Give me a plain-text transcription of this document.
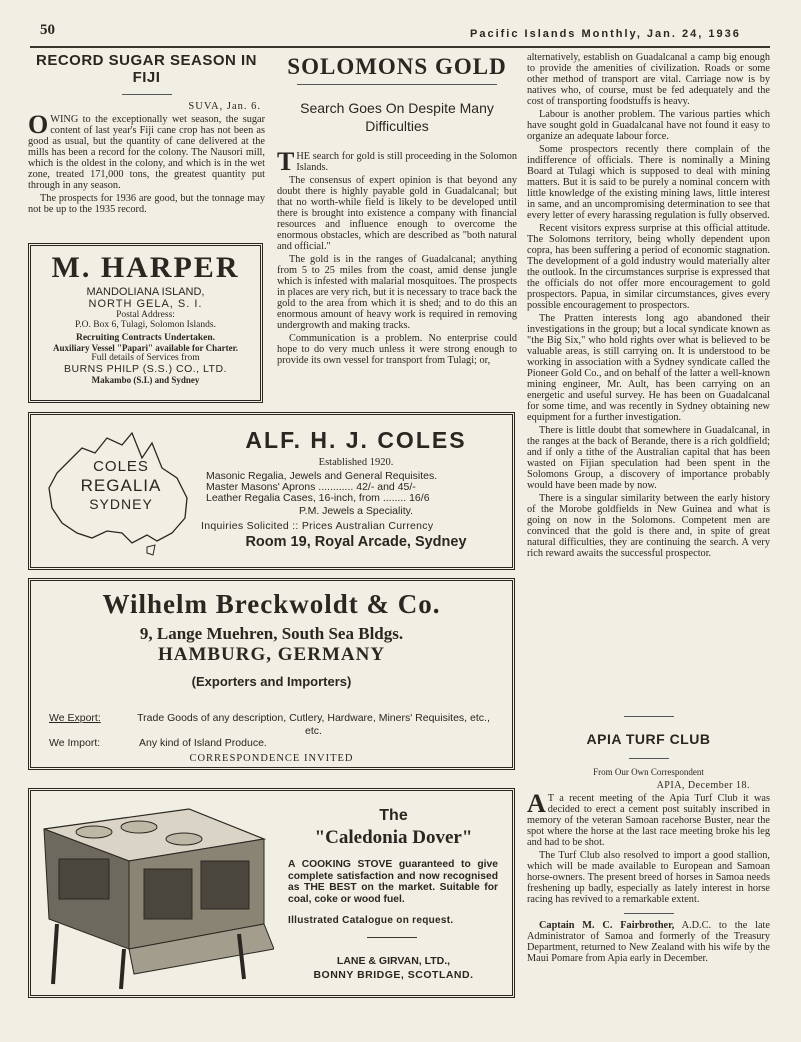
50	Pacific Islands Monthly, Jan. 24, 1936
RECORD SUGAR SEASON IN FIJI
SUVA, Jan. 6.

OWING to the exceptionally wet season, the sugar content of last year's Fiji cane crop has not been as good as usual, but the quantity of cane delivered at the mills has been a record for the colony. The Nausori mill, which is the oldest in the colony, and which is in the wet zone, treated 171,000 tons, the greatest quantity put through in any season.

The prospects for 1936 are good, but the tonnage may not be up to the 1935 record.

M. HARPER
MANDOLIANA ISLAND,
NORTH GELA, S. I.
Postal Address:
P.O. Box 6, Tulagi, Solomon Islands.
Recruiting Contracts Undertaken.
Auxiliary Vessel "Papari" available for Charter.
Full details of Services from
BURNS PHILP (S.S.) CO., LTD.
Makambo (S.I.) and Sydney
SOLOMONS GOLD
Search Goes On Despite Many Difficulties

THE search for gold is still proceeding in the Solomon Islands.

The consensus of expert opinion is that beyond any doubt there is highly payable gold in Guadalcanal; but that no worth-while field is likely to be developed until there is brought into existence a company with financial resources and influence enough to overcome the enormous obstacles, which are described as "both natural and official."

The gold is in the ranges of Guadalcanal; anything from 5 to 25 miles from the coast, amid dense jungle which is infested with malarial mosquitoes. The prospects in places are very rich, but it is necessary to trace back the gold to the area from which it is shed; and to do this an enormous amount of heavy work is required in removing undergrowth and making tracks.

Communication is a problem. No enterprise could hope to do very much unless it were strong enough to provide its own vessel for transport from Tulagi; or,

alternatively, establish on Guadalcanal a camp big enough to provide the amenities of civilization. Roads or some other method of transport are vital. Carriage now is by natives who, of course, must be fed adequately and the cost of transporting foodstuffs is heavy.

Labour is another problem. The various parties which have sought gold in Guadalcanal have not found it easy to organize an adequate labour force.

Some prospectors recently there complain of the indifference of officials. There is nominally a Mining Board at Tulagi which is supposed to deal with mining matters. But it is said to be purely a nominal concern with little knowledge of the existing mining laws, little interest in same, and an uncompromising determination to see that every letter of every harassing regulation is fully observed.

Recent visitors express surprise at this official attitude. The Solomons territory, being wholly dependent upon copra, has been suffering a period of economic stagnation. The development of a gold industry would materially alter the outlook. In the circumstances surprise is expressed that the officials do not offer more encouragement to gold prospectors. Papua, in similar circumstances, gives every possible encouragement to prospectors.

The Pratten interests long ago abandoned their investigations in the group; but a local syndicate known as "the Big Six," who hold rights over what is believed to be valuable areas, is still carrying on. It is understood to be working in association with a Sydney syndicate called the Pioneer Gold Co., and on behalf of the latter a well-known mining engineer, Mr. Ault, has been carrying on an energetic and useful survey. He has been on Guadalcanal for some time, and was recently in Sydney obtaining new equipment for a further investigation.

There is little doubt that somewhere in Guadalcanal, in the ranges at the back of Berande, there is a rich goldfield; and if only a tithe of the Australian capital that has been wasted on Fijian speculation had been spent in the Solomons Group, a discovery of importance probably would have been made by now.

There is a singular similarity between the early history of the Morobe goldfields in New Guinea and what is going on now in the Solomons. Competent men are convinced that the gold is there and, in spite of great natural difficulties, they are continuing the search. A very rich reward awaits the successful prospector.

APIA TURF CLUB
From Our Own Correspondent
APIA, December 18.

A T a recent meeting of the Apia Turf Club it was decided to erect a cement post suitably inscribed in memory of the veteran Samoan racehorse Buster, near the spot where the horse at the last race meeting broke his leg and had to be shot.

The Turf Club also resolved to import a good stallion, which will be made available to European and Samoan horse-owners. The present breed of horses in Samoa needs freshening up badly, especially as lately interest in horse racing has revived to a remarkable extent.

Captain M. C. Fairbrother, A.D.C. to the late Administrator of Samoa and formerly of the Treasury Department, returned to New Zealand with his wife by the Maui Pomare from Apia early in December.

COLES
REGALIA
SYDNEY
ALF. H. J. COLES
Established 1920.
Masonic Regalia, Jewels and General Requisites.
Master Masons' Aprons ............ 42/- and 45/-
Leather Regalia Cases, 16-inch, from ........ 16/6
P.M. Jewels a Speciality.
Inquiries Solicited :: Prices Australian Currency
Room 19, Royal Arcade, Sydney
Wilhelm Breckwoldt & Co.
9, Lange Muehren, South Sea Bldgs.
HAMBURG, GERMANY
(Exporters and Importers)
We Export:	Trade Goods of any description, Cutlery, Hardware, Miners' Requisites, etc., etc.
We Import:	Any kind of Island Produce.
CORRESPONDENCE INVITED
The
"Caledonia Dover"
A COOKING STOVE guaranteed to give complete satisfaction and now recognised as THE BEST on the market. Suitable for coal, coke or wood fuel.
Illustrated Catalogue on request.
LANE & GIRVAN, LTD.,
BONNY BRIDGE, SCOTLAND.
